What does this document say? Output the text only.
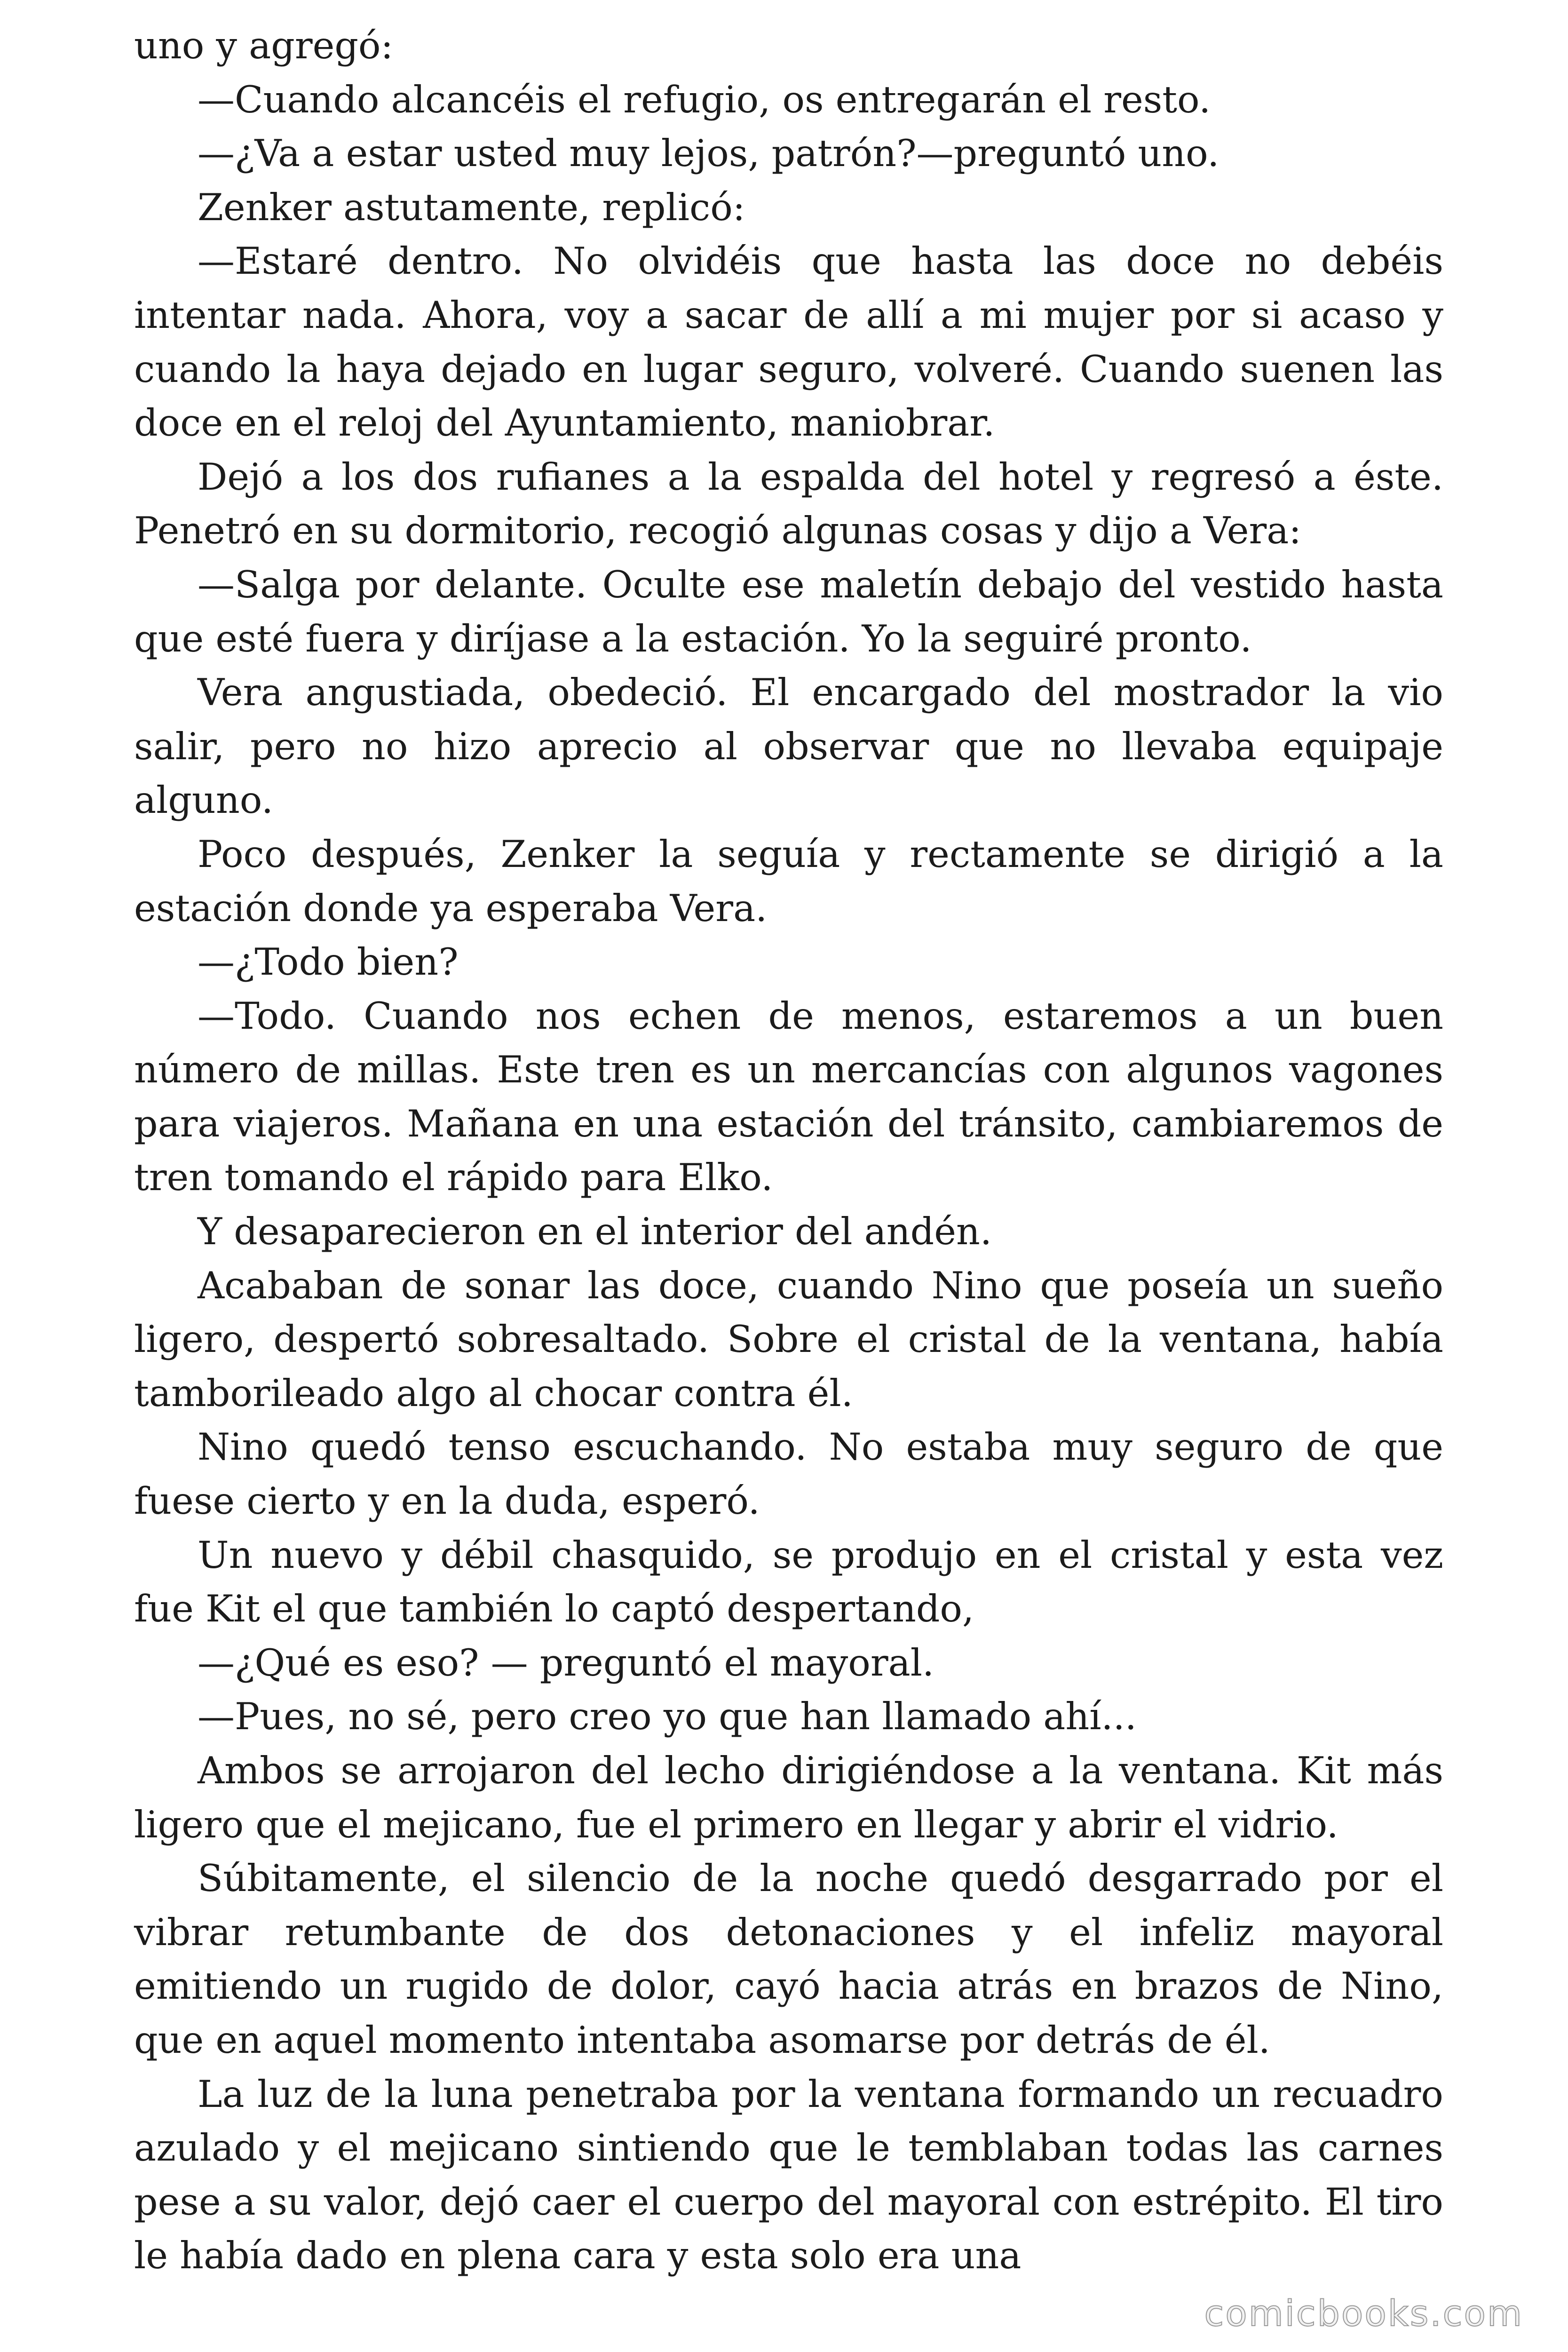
uno y agregó:

—Cuando alcancéis el refugio, os entregarán el resto.

—¿Va a estar usted muy lejos, patrón?—preguntó uno.

Zenker astutamente, replicó:

—Estaré dentro. No olvidéis que hasta las doce no debéis intentar nada. Ahora, voy a sacar de allí a mi mujer por si acaso y cuando la haya dejado en lugar seguro, volveré. Cuando suenen las doce en el reloj del Ayuntamiento, maniobrar.

Dejó a los dos rufianes a la espalda del hotel y regresó a éste. Penetró en su dormitorio, recogió algunas cosas y dijo a Vera:

—Salga por delante. Oculte ese maletín debajo del vestido hasta que esté fuera y diríjase a la estación. Yo la seguiré pronto.

Vera angustiada, obedeció. El encargado del mostrador la vio salir, pero no hizo aprecio al observar que no llevaba equipaje alguno.

Poco después, Zenker la seguía y rectamente se dirigió a la estación donde ya esperaba Vera.

—¿Todo bien?

—Todo. Cuando nos echen de menos, estaremos a un buen número de millas. Este tren es un mercancías con algunos vagones para viajeros. Mañana en una estación del tránsito, cambiaremos de tren tomando el rápido para Elko.

Y desaparecieron en el interior del andén.

Acababan de sonar las doce, cuando Nino que poseía un sueño ligero, despertó sobresaltado. Sobre el cristal de la ventana, había tamborileado algo al chocar contra él.

Nino quedó tenso escuchando. No estaba muy seguro de que fuese cierto y en la duda, esperó.

Un nuevo y débil chasquido, se produjo en el cristal y esta vez fue Kit el que también lo captó despertando,

—¿Qué es eso? — preguntó el mayoral.

—Pues, no sé, pero creo yo que han llamado ahí...

Ambos se arrojaron del lecho dirigiéndose a la ventana. Kit más ligero que el mejicano, fue el primero en llegar y abrir el vidrio.

Súbitamente, el silencio de la noche quedó desgarrado por el vibrar retumbante de dos detonaciones y el infeliz mayoral emitiendo un rugido de dolor, cayó hacia atrás en brazos de Nino, que en aquel momento intentaba asomarse por detrás de él.

La luz de la luna penetraba por la ventana formando un recuadro azulado y el mejicano sintiendo que le temblaban todas las carnes pese a su valor, dejó caer el cuerpo del mayoral con estrépito. El tiro le había dado en plena cara y esta solo era una

comicbooks.com
